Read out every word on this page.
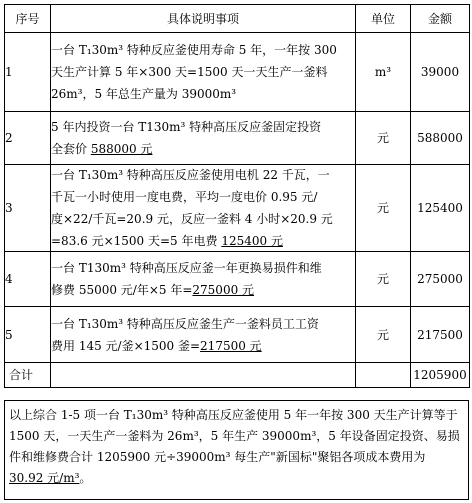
序号	具体说明事项	单位	金额
1	一台 T₁30m³ 特种反应釜使用寿命 5 年，一年按 300
天生产计算 5 年×300 天=1500 天一天生产一釜料
26m³，5 年总生产量为 39000m³	m³	39000
2	5 年内投资一台 T130m³ 特种高压反应釜固定投资
全套价 588000 元	元	588000
3	一台 T₁30m³ 特种高压反应釜使用电机 22 千瓦，一
千瓦一小时使用一度电费，平均一度电价 0.95 元/
度×22/千瓦=20.9 元，反应一釜料 4 小时×20.9 元
=83.6 元×1500 天=5 年电费 125400 元	元	125400
4	一台 T130m³ 特种高压反应釜一年更换易损件和维
修费 55000 元/年×5 年=275000 元	元	275000
5	一台 T₁30m³ 特种高压反应釜生产一釜料员工工资
费用 145 元/釜×1500 釜=217500 元	元	217500
合计			1205900
以上综合 1-5 项一台 T₁30m³ 特种高压反应釜使用 5 年一年按 300 天生产计算等于
1500 天，一天生产一釜料为 26m³，5 年生产 39000m³，5 年设备固定投资、易损
件和维修费合计 1205900 元÷39000m³ 每生产"新国标"聚铝各项成本费用为
30.92 元/m³。
